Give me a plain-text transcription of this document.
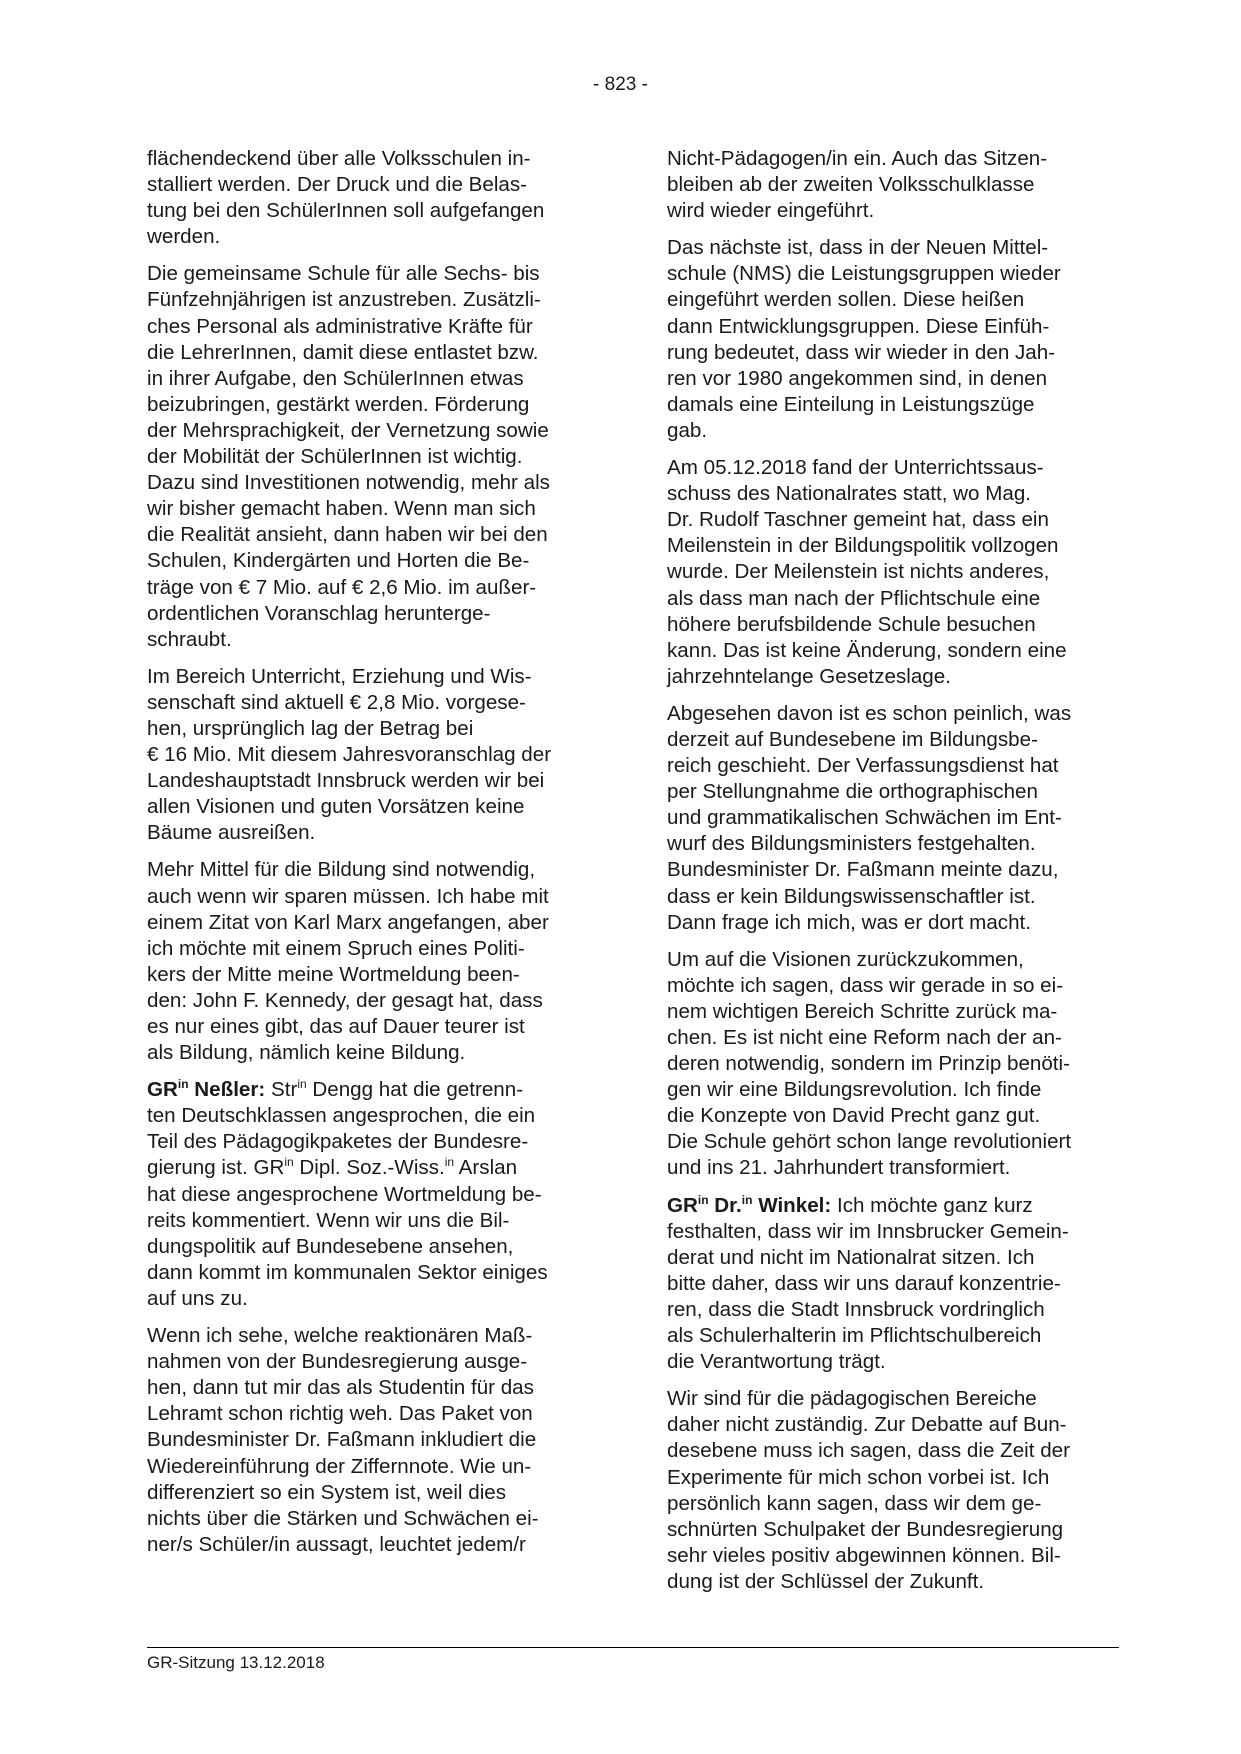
- 823 -

flächendeckend über alle Volksschulen in-
stalliert werden. Der Druck und die Belas-
tung bei den SchülerInnen soll aufgefangen
werden.

Die gemeinsame Schule für alle Sechs- bis
Fünfzehnjährigen ist anzustreben. Zusätzli-
ches Personal als administrative Kräfte für
die LehrerInnen, damit diese entlastet bzw.
in ihrer Aufgabe, den SchülerInnen etwas
beizubringen, gestärkt werden. Förderung
der Mehrsprachigkeit, der Vernetzung sowie
der Mobilität der SchülerInnen ist wichtig.
Dazu sind Investitionen notwendig, mehr als
wir bisher gemacht haben. Wenn man sich
die Realität ansieht, dann haben wir bei den
Schulen, Kindergärten und Horten die Be-
träge von € 7 Mio. auf € 2,6 Mio. im außer-
ordentlichen Voranschlag herunterge-
schraubt.

Im Bereich Unterricht, Erziehung und Wis-
senschaft sind aktuell € 2,8 Mio. vorgese-
hen, ursprünglich lag der Betrag bei
€ 16 Mio. Mit diesem Jahresvoranschlag der
Landeshauptstadt Innsbruck werden wir bei
allen Visionen und guten Vorsätzen keine
Bäume ausreißen.

Mehr Mittel für die Bildung sind notwendig,
auch wenn wir sparen müssen. Ich habe mit
einem Zitat von Karl Marx angefangen, aber
ich möchte mit einem Spruch eines Politi-
kers der Mitte meine Wortmeldung been-
den: John F. Kennedy, der gesagt hat, dass
es nur eines gibt, das auf Dauer teurer ist
als Bildung, nämlich keine Bildung.

$GR^{in}$ Neßler: Str$^{in}$ Dengg hat die getrenn-
ten Deutschklassen angesprochen, die ein
Teil des Pädagogikpaketes der Bundesre-
gierung ist. $GR^{in}$ Dipl. Soz.-Wiss.$^{in}$ Arslan
hat diese angesprochene Wortmeldung be-
reits kommentiert. Wenn wir uns die Bil-
dungspolitik auf Bundesebene ansehen,
dann kommt im kommunalen Sektor einiges
auf uns zu.

Wenn ich sehe, welche reaktionären Maß-
nahmen von der Bundesregierung ausge-
hen, dann tut mir das als Studentin für das
Lehramt schon richtig weh. Das Paket von
Bundesminister Dr. Faßmann inkludiert die
Wiedereinführung der Ziffernnote. Wie un-
differenziert so ein System ist, weil dies
nichts über die Stärken und Schwächen ei-
ner/s Schüler/in aussagt, leuchtet jedem/r

Nicht-Pädagogen/in ein. Auch das Sitzen-
bleiben ab der zweiten Volksschulklasse
wird wieder eingeführt.

Das nächste ist, dass in der Neuen Mittel-
schule (NMS) die Leistungsgruppen wieder
eingeführt werden sollen. Diese heißen
dann Entwicklungsgruppen. Diese Einfüh-
rung bedeutet, dass wir wieder in den Jah-
ren vor 1980 angekommen sind, in denen
damals eine Einteilung in Leistungszüge
gab.

Am 05.12.2018 fand der Unterrichtssaus-
schuss des Nationalrates statt, wo Mag.
Dr. Rudolf Taschner gemeint hat, dass ein
Meilenstein in der Bildungspolitik vollzogen
wurde. Der Meilenstein ist nichts anderes,
als dass man nach der Pflichtschule eine
höhere berufsbildende Schule besuchen
kann. Das ist keine Änderung, sondern eine
jahrzehntelange Gesetzeslage.

Abgesehen davon ist es schon peinlich, was
derzeit auf Bundesebene im Bildungsbe-
reich geschieht. Der Verfassungsdienst hat
per Stellungnahme die orthographischen
und grammatikalischen Schwächen im Ent-
wurf des Bildungsministers festgehalten.
Bundesminister Dr. Faßmann meinte dazu,
dass er kein Bildungswissenschaftler ist.
Dann frage ich mich, was er dort macht.

Um auf die Visionen zurückzukommen,
möchte ich sagen, dass wir gerade in so ei-
nem wichtigen Bereich Schritte zurück ma-
chen. Es ist nicht eine Reform nach der an-
deren notwendig, sondern im Prinzip benöti-
gen wir eine Bildungsrevolution. Ich finde
die Konzepte von David Precht ganz gut.
Die Schule gehört schon lange revolutioniert
und ins 21. Jahrhundert transformiert.

$GR^{in}$ Dr.$^{in}$ Winkel: Ich möchte ganz kurz
festhalten, dass wir im Innsbrucker Gemein-
derat und nicht im Nationalrat sitzen. Ich
bitte daher, dass wir uns darauf konzentrie-
ren, dass die Stadt Innsbruck vordringlich
als Schulerhalterin im Pflichtschulbereich
die Verantwortung trägt.

Wir sind für die pädagogischen Bereiche
daher nicht zuständig. Zur Debatte auf Bun-
desebene muss ich sagen, dass die Zeit der
Experimente für mich schon vorbei ist. Ich
persönlich kann sagen, dass wir dem ge-
schnürten Schulpaket der Bundesregierung
sehr vieles positiv abgewinnen können. Bil-
dung ist der Schlüssel der Zukunft.

GR-Sitzung 13.12.2018
